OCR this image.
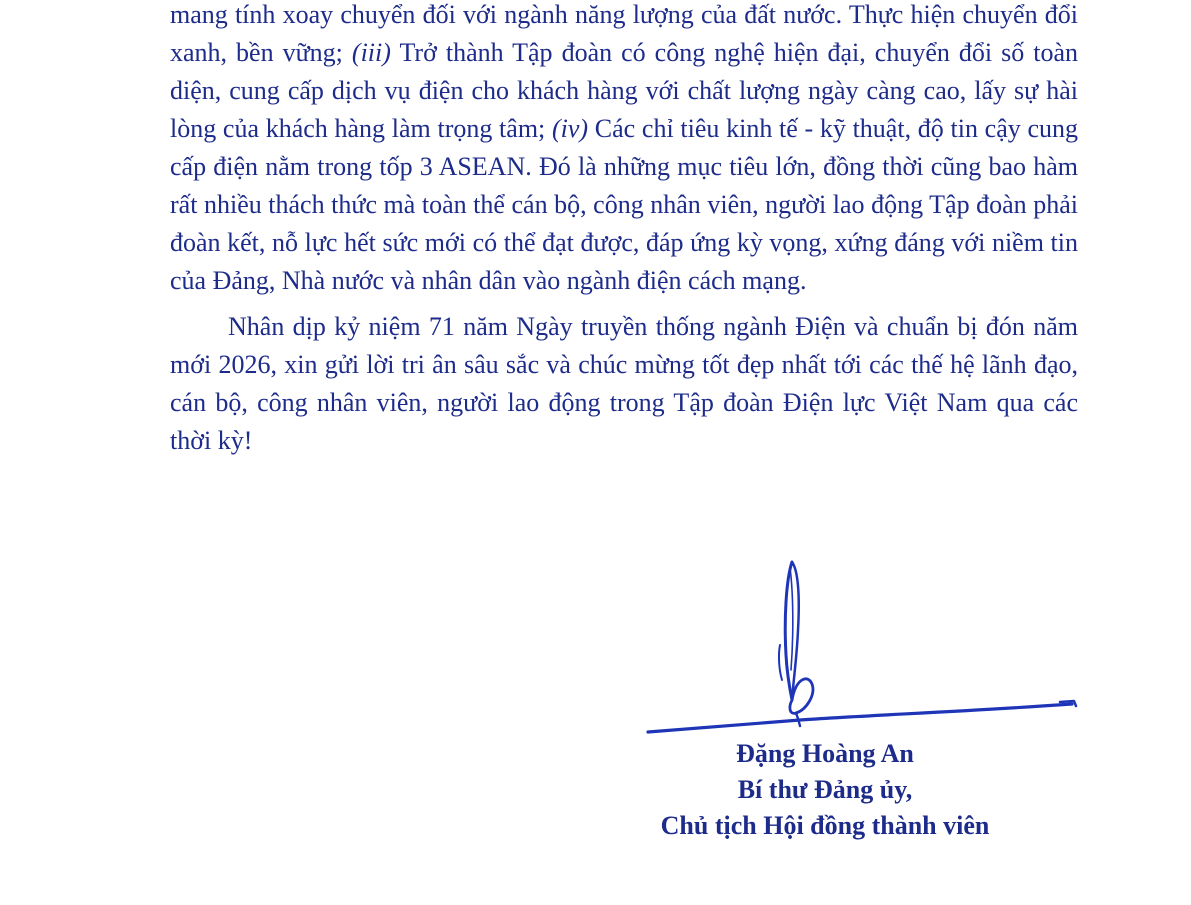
mang tính xoay chuyển đối với ngành năng lượng của đất nước. Thực hiện chuyển đổi xanh, bền vững; (iii) Trở thành Tập đoàn có công nghệ hiện đại, chuyển đổi số toàn diện, cung cấp dịch vụ điện cho khách hàng với chất lượng ngày càng cao, lấy sự hài lòng của khách hàng làm trọng tâm; (iv) Các chỉ tiêu kinh tế - kỹ thuật, độ tin cậy cung cấp điện nằm trong tốp 3 ASEAN. Đó là những mục tiêu lớn, đồng thời cũng bao hàm rất nhiều thách thức mà toàn thể cán bộ, công nhân viên, người lao động Tập đoàn phải đoàn kết, nỗ lực hết sức mới có thể đạt được, đáp ứng kỳ vọng, xứng đáng với niềm tin của Đảng, Nhà nước và nhân dân vào ngành điện cách mạng.

Nhân dịp kỷ niệm 71 năm Ngày truyền thống ngành Điện và chuẩn bị đón năm mới 2026, xin gửi lời tri ân sâu sắc và chúc mừng tốt đẹp nhất tới các thế hệ lãnh đạo, cán bộ, công nhân viên, người lao động trong Tập đoàn Điện lực Việt Nam qua các thời kỳ!

Đặng Hoàng An
Bí thư Đảng ủy,
Chủ tịch Hội đồng thành viên
